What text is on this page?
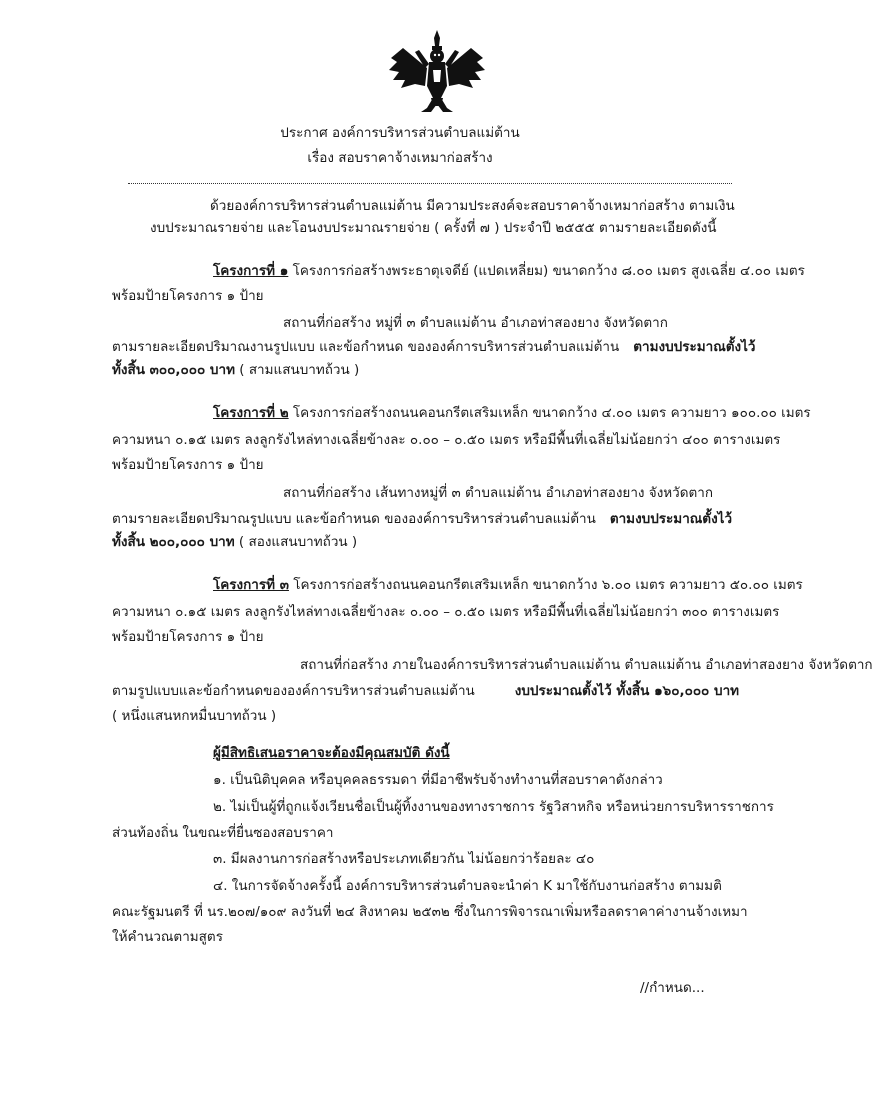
ประกาศ องค์การบริหารส่วนตำบลแม่ต้าน
เรื่อง สอบราคาจ้างเหมาก่อสร้าง
ด้วยองค์การบริหารส่วนตำบลแม่ต้าน มีความประสงค์จะสอบราคาจ้างเหมาก่อสร้าง ตามเงิน
งบประมาณรายจ่าย และโอนงบประมาณรายจ่าย ( ครั้งที่ ๗ ) ประจำปี ๒๕๕๕ ตามรายละเอียดดังนี้
โครงการที่ ๑ โครงการก่อสร้างพระธาตุเจดีย์ (แปดเหลี่ยม) ขนาดกว้าง ๘.๐๐ เมตร สูงเฉลี่ย ๔.๐๐ เมตร
พร้อมป้ายโครงการ ๑ ป้าย
สถานที่ก่อสร้าง หมู่ที่ ๓ ตำบลแม่ต้าน อำเภอท่าสองยาง จังหวัดตาก
ตามรายละเอียดปริมาณงานรูปแบบ และข้อกำหนด ขององค์การบริหารส่วนตำบลแม่ต้าน ตามงบประมาณตั้งไว้
ทั้งสิ้น ๓๐๐,๐๐๐ บาท ( สามแสนบาทถ้วน )
โครงการที่ ๒ โครงการก่อสร้างถนนคอนกรีตเสริมเหล็ก ขนาดกว้าง ๔.๐๐ เมตร ความยาว ๑๐๐.๐๐ เมตร
ความหนา ๐.๑๕ เมตร ลงลูกรังไหล่ทางเฉลี่ยข้างละ ๐.๐๐ – ๐.๕๐ เมตร หรือมีพื้นที่เฉลี่ยไม่น้อยกว่า ๔๐๐ ตารางเมตร
พร้อมป้ายโครงการ ๑ ป้าย
สถานที่ก่อสร้าง เส้นทางหมู่ที่ ๓ ตำบลแม่ต้าน อำเภอท่าสองยาง จังหวัดตาก
ตามรายละเอียดปริมาณรูปแบบ และข้อกำหนด ขององค์การบริหารส่วนตำบลแม่ต้าน ตามงบประมาณตั้งไว้
ทั้งสิ้น ๒๐๐,๐๐๐ บาท ( สองแสนบาทถ้วน )
โครงการที่ ๓ โครงการก่อสร้างถนนคอนกรีตเสริมเหล็ก ขนาดกว้าง ๖.๐๐ เมตร ความยาว ๕๐.๐๐ เมตร
ความหนา ๐.๑๕ เมตร ลงลูกรังไหล่ทางเฉลี่ยข้างละ ๐.๐๐ – ๐.๕๐ เมตร หรือมีพื้นที่เฉลี่ยไม่น้อยกว่า ๓๐๐ ตารางเมตร
พร้อมป้ายโครงการ ๑ ป้าย
สถานที่ก่อสร้าง ภายในองค์การบริหารส่วนตำบลแม่ต้าน ตำบลแม่ต้าน อำเภอท่าสองยาง จังหวัดตาก
ตามรูปแบบและข้อกำหนดขององค์การบริหารส่วนตำบลแม่ต้าน	งบประมาณตั้งไว้ ทั้งสิ้น ๑๖๐,๐๐๐ บาท
( หนึ่งแสนหกหมื่นบาทถ้วน )
ผู้มีสิทธิเสนอราคาจะต้องมีคุณสมบัติ ดังนี้
๑. เป็นนิติบุคคล หรือบุคคลธรรมดา ที่มีอาชีพรับจ้างทำงานที่สอบราคาดังกล่าว
๒. ไม่เป็นผู้ที่ถูกแจ้งเวียนชื่อเป็นผู้ทิ้งงานของทางราชการ รัฐวิสาหกิจ หรือหน่วยการบริหารราชการ
ส่วนท้องถิ่น ในขณะที่ยื่นซองสอบราคา
๓. มีผลงานการก่อสร้างหรือประเภทเดียวกัน ไม่น้อยกว่าร้อยละ ๔๐
๔. ในการจัดจ้างครั้งนี้ องค์การบริหารส่วนตำบลจะนำค่า K มาใช้กับงานก่อสร้าง ตามมติ
คณะรัฐมนตรี ที่ นร.๒๐๗/๑๐๙ ลงวันที่ ๒๔ สิงหาคม ๒๕๓๒ ซึ่งในการพิจารณาเพิ่มหรือลดราคาค่างานจ้างเหมา
ให้คำนวณตามสูตร
//กำหนด...
